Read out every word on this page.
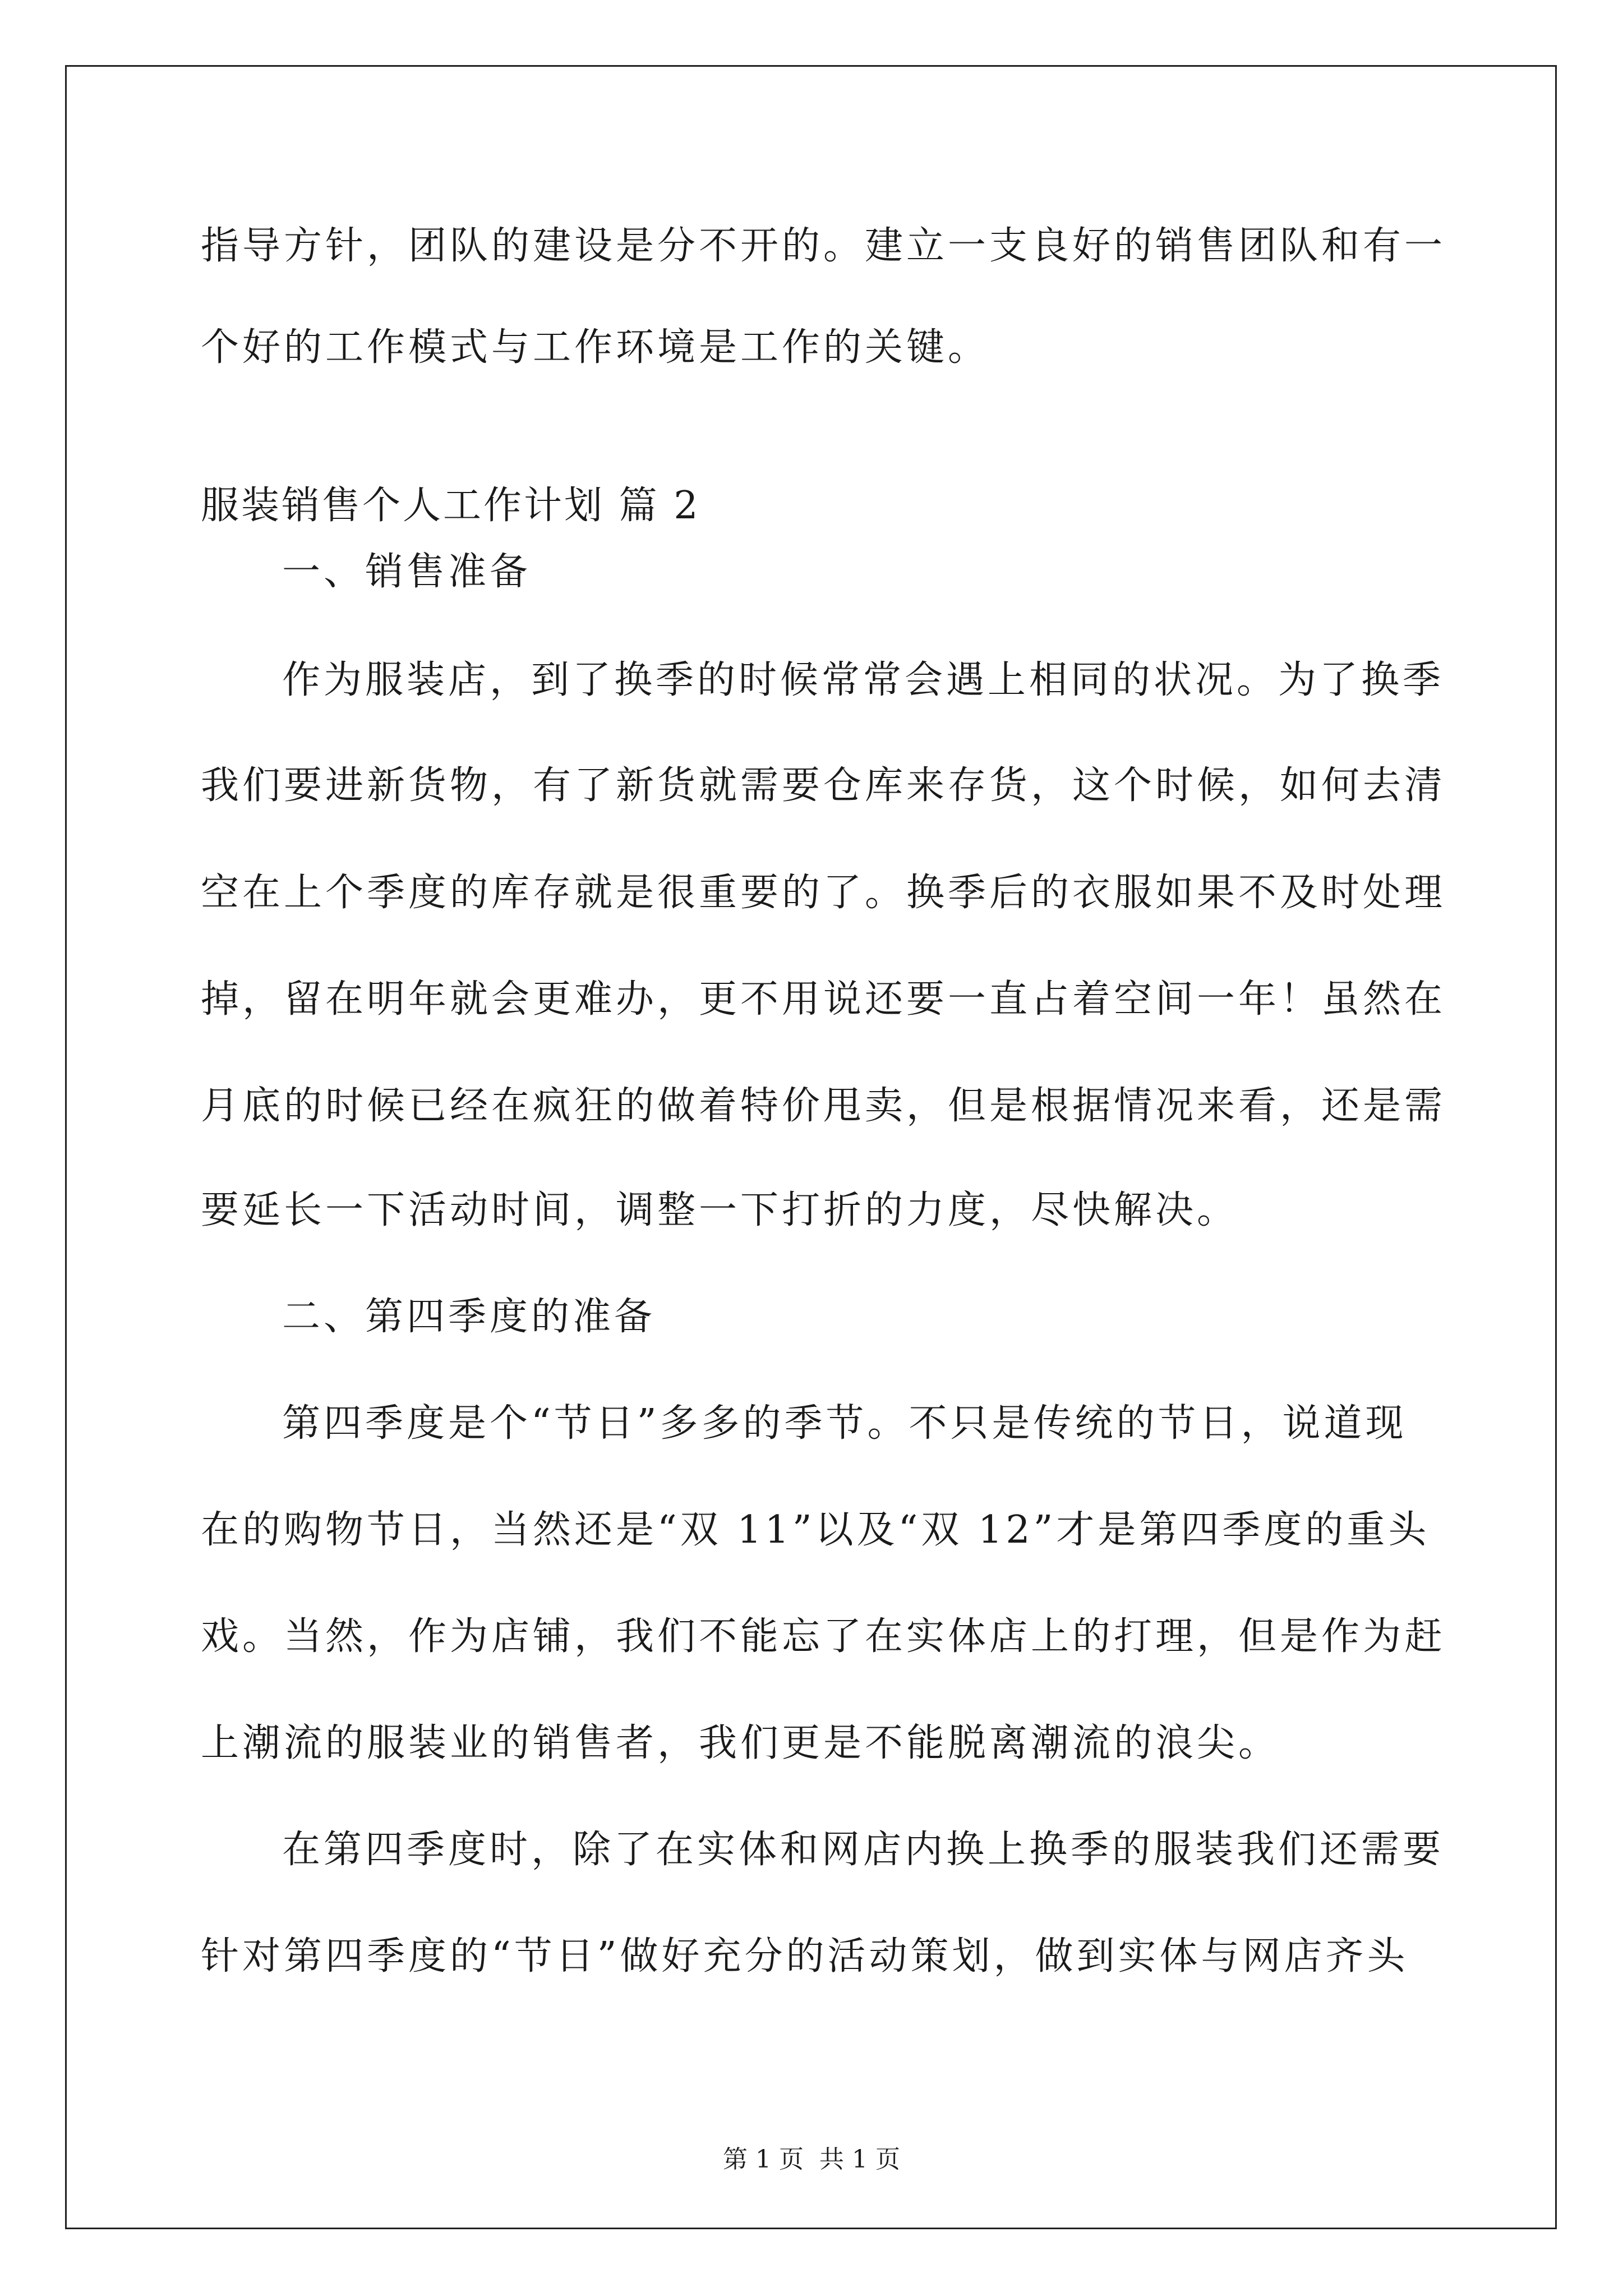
指导方针，团队的建设是分不开的。建立一支良好的销售团队和有一
个好的工作模式与工作环境是工作的关键。
服装销售个人工作计划 篇 2
一、销售准备
作为服装店，到了换季的时候常常会遇上相同的状况。为了换季
我们要进新货物，有了新货就需要仓库来存货，这个时候，如何去清
空在上个季度的库存就是很重要的了。换季后的衣服如果不及时处理
掉，留在明年就会更难办，更不用说还要一直占着空间一年！虽然在
月底的时候已经在疯狂的做着特价甩卖，但是根据情况来看，还是需
要延长一下活动时间，调整一下打折的力度，尽快解决。
二、第四季度的准备
第四季度是个“节日”多多的季节。不只是传统的节日，说道现
在的购物节日，当然还是“双 11”以及“双 12”才是第四季度的重头
戏。当然，作为店铺，我们不能忘了在实体店上的打理，但是作为赶
上潮流的服装业的销售者，我们更是不能脱离潮流的浪尖。
在第四季度时，除了在实体和网店内换上换季的服装我们还需要
针对第四季度的“节日”做好充分的活动策划，做到实体与网店齐头
第 1 页 共 1 页
